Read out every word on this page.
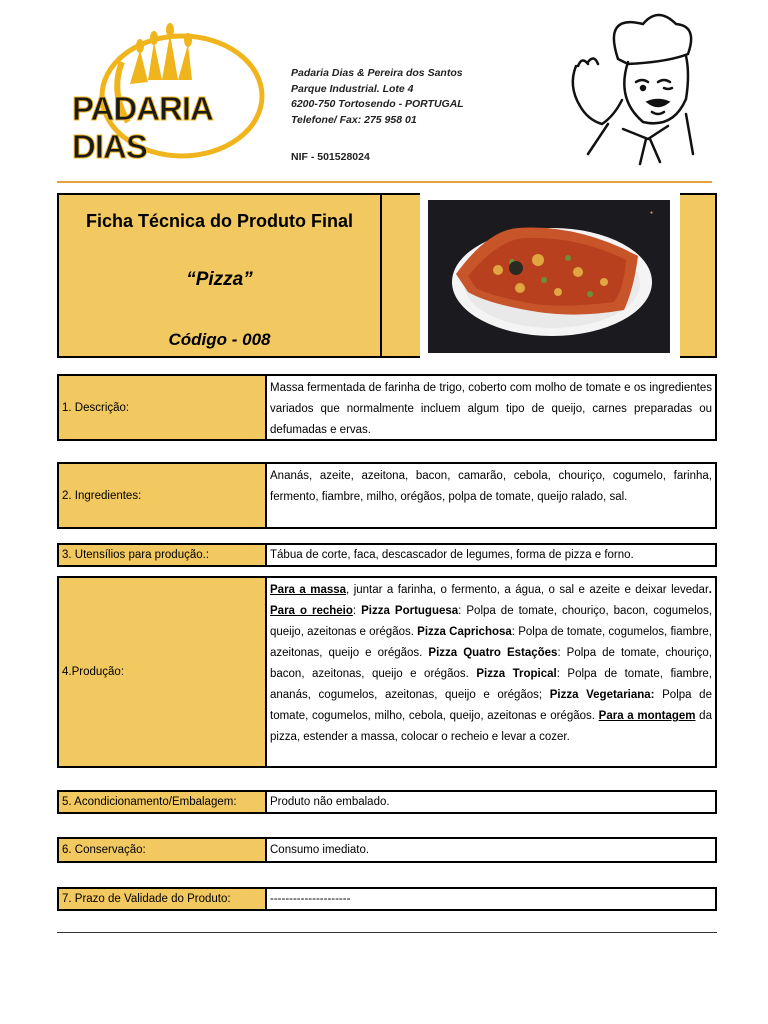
PADARIA DIAS
Padaria Dias & Pereira dos Santos
Parque Industrial. Lote 4
6200-750 Tortosendo - PORTUGAL
Telefone/ Fax: 275 958 01
NIF - 501528024
Ficha Técnica do Produto Final
“Pizza”
Código - 008
●
1. Descrição:
Massa fermentada de farinha de trigo, coberto com molho de tomate e os ingredientes variados que normalmente incluem algum tipo de queijo, carnes preparadas ou defumadas e ervas.
2. Ingredientes:
Ananás, azeite, azeitona, bacon, camarão, cebola, chouriço, cogumelo, farinha, fermento, fiambre, milho, orégãos, polpa de tomate, queijo ralado, sal.
3. Utensílios para produção.:	Tábua de corte, faca, descascador de legumes, forma de pizza e forno.
4.Produção:
Para a massa, juntar a farinha, o fermento, a água, o sal e azeite e deixar levedar. Para o recheio: Pizza Portuguesa: Polpa de tomate, chouriço, bacon, cogumelos, queijo, azeitonas e orégãos. Pizza Caprichosa: Polpa de tomate, cogumelos, fiambre, azeitonas, queijo e orégãos. Pizza Quatro Estações: Polpa de tomate, chouriço, bacon, azeitonas, queijo e orégãos. Pizza Tropical: Polpa de tomate, fiambre, ananás, cogumelos, azeitonas, queijo e orégãos; Pizza Vegetariana: Polpa de tomate, cogumelos, milho, cebola, queijo, azeitonas e orégãos. Para a montagem da pizza, estender a massa, colocar o recheio e levar a cozer.
5. Acondicionamento/Embalagem:	Produto não embalado.
6. Conservação:	Consumo imediato.
7. Prazo de Validade do Produto:	---------------------
